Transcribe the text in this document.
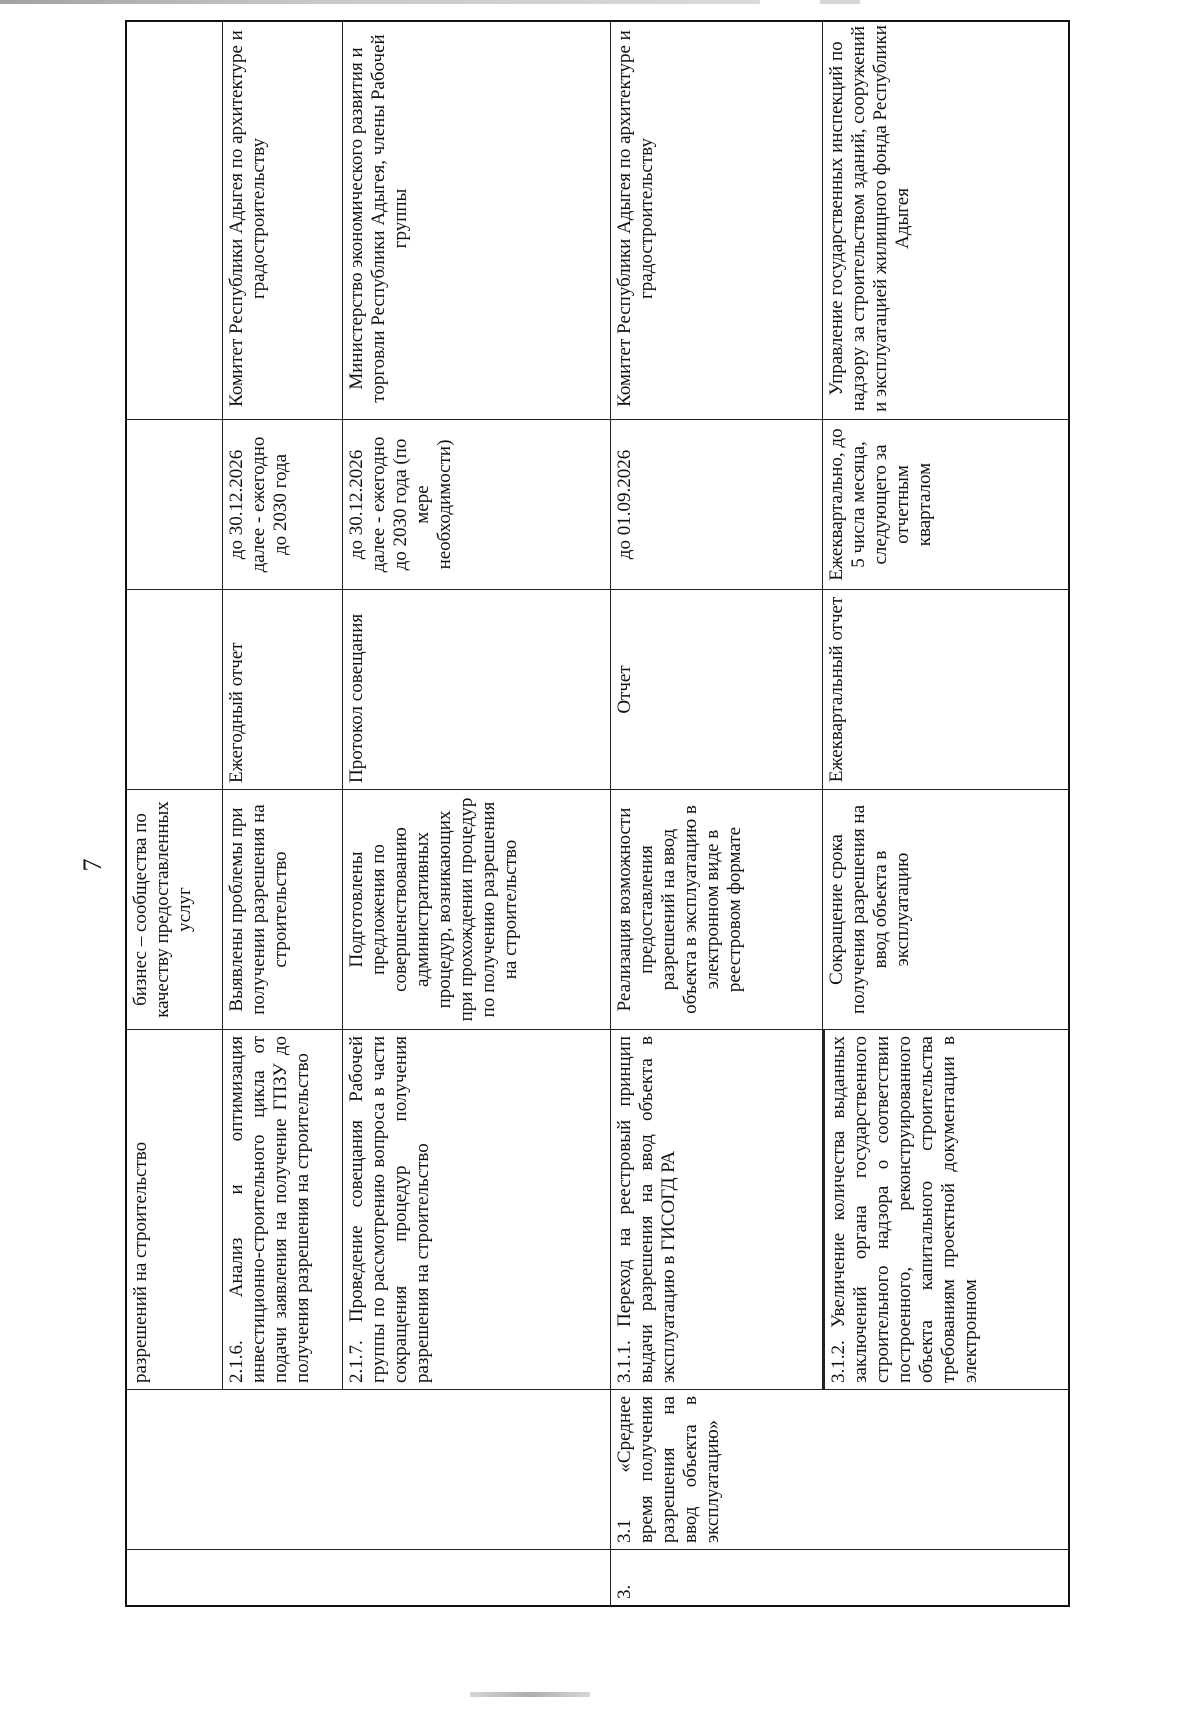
7
разрешений на строительство
бизнес – сообщества по качеству предоставленных услуг
2.1.6. Анализ и оптимизация инвестиционно-строительного цикла от подачи заявления на получение ГПЗУ до получения разрешения на строительство
Выявлены проблемы при получении разрешения на строительство
Ежегодный отчет
до 30.12.2026 далее - ежегодно до 2030 года
Комитет Республики Адыгея по архитектуре и градостроительству
2.1.7. Проведение совещания Рабочей группы по рассмотрению вопроса в части сокращения процедур получения разрешения на строительство
Подготовлены предложения по совершенствованию административных процедур, возникающих при прохождении процедур по получению разрешения на строительство
Протокол совещания
до 30.12.2026 далее - ежегодно до 2030 года (по мере необходимости)
Министерство экономического развития и торговли Республики Адыгея, члены Рабочей группы
3.
3.1 «Среднее время получения разрешения на ввод объекта в эксплуатацию»
3.1.1. Переход на реестровый принцип выдачи разрешения на ввод объекта в эксплуатацию в ГИСОГД РА
Реализация возможности предоставления разрешений на ввод объекта в эксплуатацию в электронном виде в реестровом формате
Отчет
до 01.09.2026
Комитет Республики Адыгея по архитектуре и градостроительству
3.1.2. Увеличение количества выданных заключений органа государственного строительного надзора о соответствии построенного, реконструированного объекта капитального строительства требованиям проектной документации в электронном
Сокращение срока получения разрешения на ввод объекта в эксплуатацию
Ежеквартальный отчет
Ежеквартально, до 5 числа месяца, следующего за отчетным кварталом
Управление государственных инспекций по надзору за строительством зданий, сооружений и эксплуатацией жилищного фонда Республики Адыгея
